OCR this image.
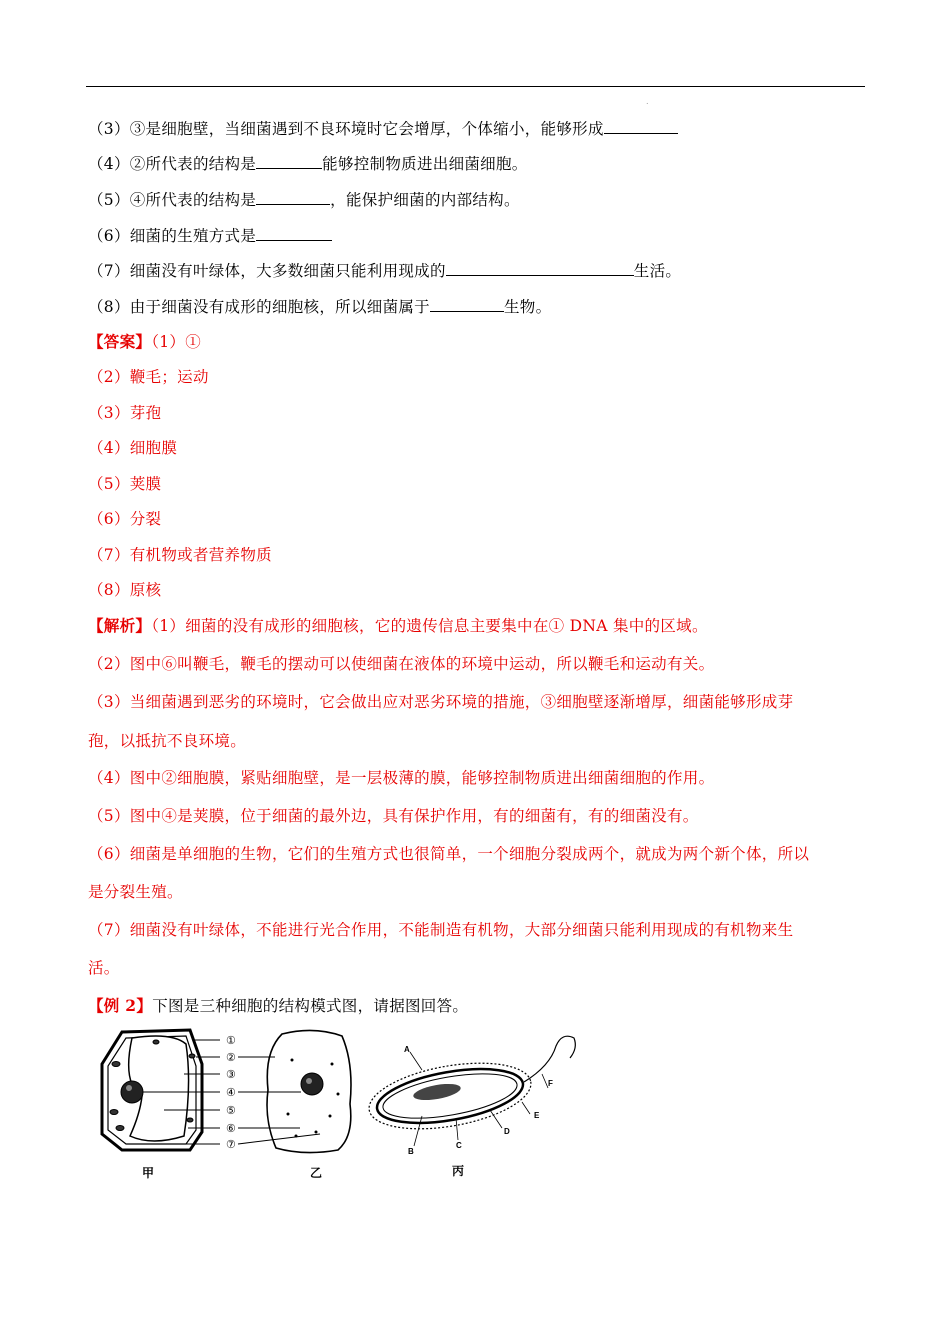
.
（3）③是细胞壁，当细菌遇到不良环境时它会增厚，个体缩小，能够形成
（4）②所代表的结构是	能够控制物质进出细菌细胞。
（5）④所代表的结构是	，能保护细菌的内部结构。
（6）细菌的生殖方式是
（7）细菌没有叶绿体，大多数细菌只能利用现成的	生活。
（8）由于细菌没有成形的细胞核，所以细菌属于	生物。
【答案】（1）①
（2）鞭毛；运动
（3）芽孢
（4）细胞膜
（5）荚膜
（6）分裂
（7）有机物或者营养物质
（8）原核
【解析】（1）细菌的没有成形的细胞核，它的遗传信息主要集中在① DNA 集中的区域。
（2）图中⑥叫鞭毛，鞭毛的摆动可以使细菌在液体的环境中运动，所以鞭毛和运动有关。
（3）当细菌遇到恶劣的环境时，它会做出应对恶劣环境的措施，③细胞壁逐渐增厚，细菌能够形成芽
孢，以抵抗不良环境。
（4）图中②细胞膜，紧贴细胞壁，是一层极薄的膜，能够控制物质进出细菌细胞的作用。
（5）图中④是荚膜，位于细菌的最外边，具有保护作用，有的细菌有，有的细菌没有。
（6）细菌是单细胞的生物，它们的生殖方式也很简单，一个细胞分裂成两个，就成为两个新个体，所以
是分裂生殖。
（7）细菌没有叶绿体，不能进行光合作用，不能制造有机物，大部分细菌只能利用现成的有机物来生
活。
【例 2】下图是三种细胞的结构模式图，请据图回答。
①
②
③
④
⑤
⑥
⑦
A
B
C
D
E
F
甲	乙	丙
